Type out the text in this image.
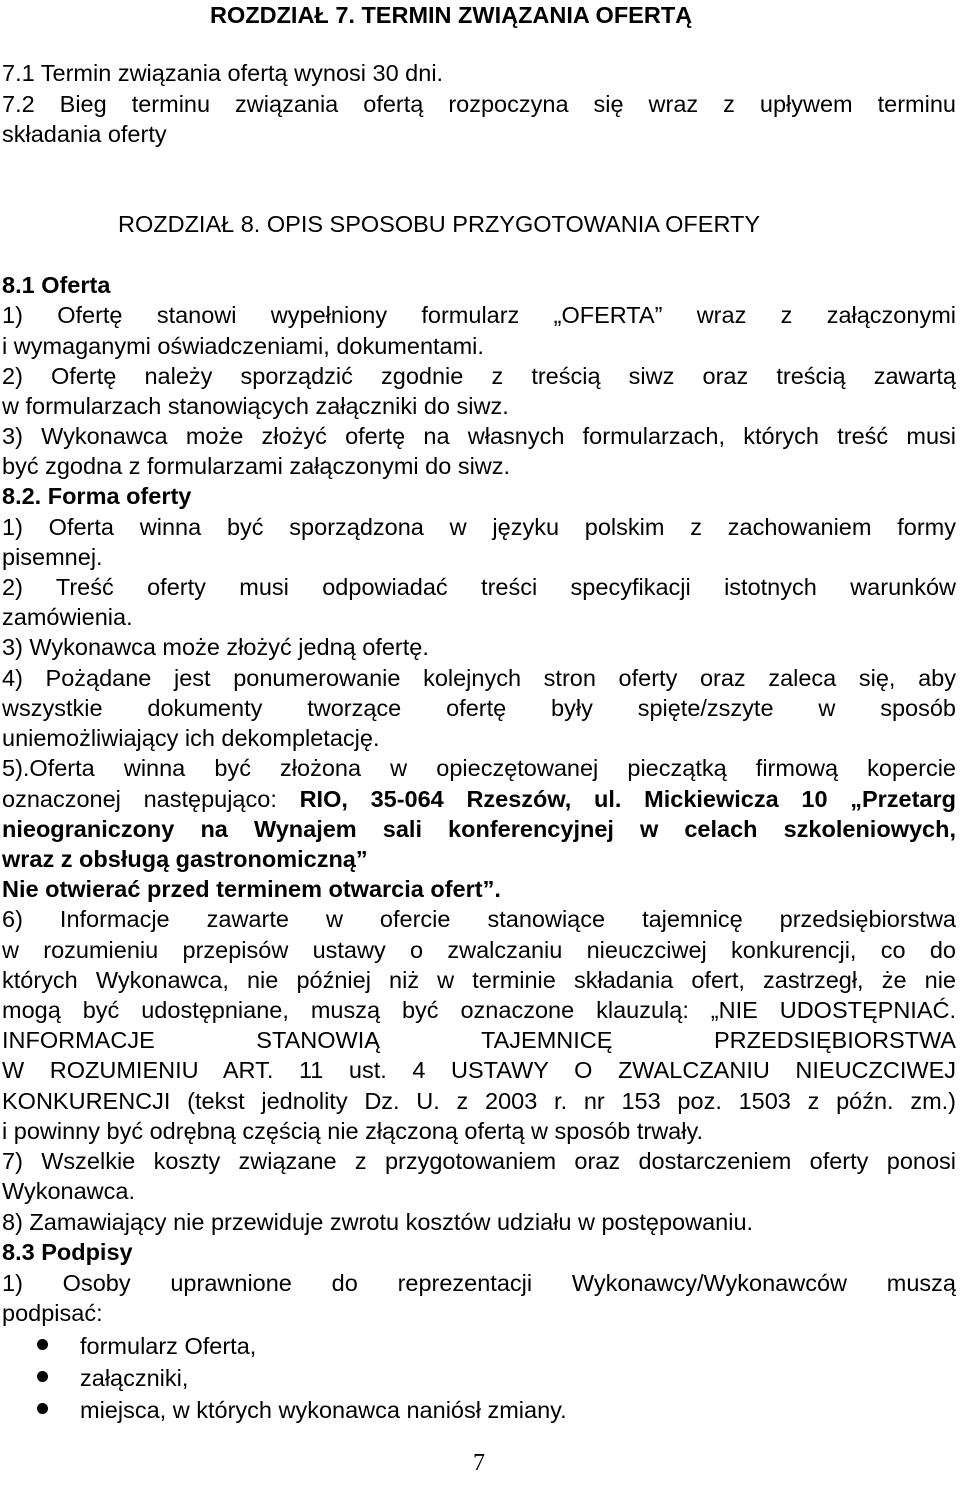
ROZDZIAŁ 7. TERMIN ZWIĄZANIA OFERTĄ
7.1 Termin związania ofertą wynosi 30 dni.
7.2 Bieg terminu związania ofertą rozpoczyna się wraz z upływem terminu
składania oferty
ROZDZIAŁ 8. OPIS SPOSOBU PRZYGOTOWANIA OFERTY
8.1 Oferta
1) Ofertę stanowi wypełniony formularz „OFERTA” wraz z załączonymi
i wymaganymi oświadczeniami, dokumentami.
2) Ofertę należy sporządzić zgodnie z treścią siwz oraz treścią zawartą
w formularzach stanowiących załączniki do siwz.
3) Wykonawca może złożyć ofertę na własnych formularzach, których treść musi
być zgodna z formularzami załączonymi do siwz.
8.2. Forma oferty
1) Oferta winna być sporządzona w języku polskim z zachowaniem formy
pisemnej.
2) Treść oferty musi odpowiadać treści specyfikacji istotnych warunków
zamówienia.
3) Wykonawca może złożyć jedną ofertę.
4) Pożądane jest ponumerowanie kolejnych stron oferty oraz zaleca się, aby
wszystkie dokumenty tworzące ofertę były spięte/zszyte w sposób
uniemożliwiający ich dekompletację.
5).Oferta winna być złożona w opieczętowanej pieczątką firmową kopercie
oznaczonej następująco: RIO, 35-064 Rzeszów, ul. Mickiewicza 10 „Przetarg
nieograniczony na Wynajem sali konferencyjnej w celach szkoleniowych,
wraz z obsługą gastronomiczną”
Nie otwierać przed terminem otwarcia ofert”.
6) Informacje zawarte w ofercie stanowiące tajemnicę przedsiębiorstwa
w rozumieniu przepisów ustawy o zwalczaniu nieuczciwej konkurencji, co do
których Wykonawca, nie później niż w terminie składania ofert, zastrzegł, że nie
mogą być udostępniane, muszą być oznaczone klauzulą: „NIE UDOSTĘPNIAĆ.
INFORMACJE STANOWIĄ TAJEMNICĘ PRZEDSIĘBIORSTWA
W ROZUMIENIU ART. 11 ust. 4 USTAWY O ZWALCZANIU NIEUCZCIWEJ
KONKURENCJI (tekst jednolity Dz. U. z 2003 r. nr 153 poz. 1503 z późn. zm.)
i powinny być odrębną częścią nie złączoną ofertą w sposób trwały.
7) Wszelkie koszty związane z przygotowaniem oraz dostarczeniem oferty ponosi
Wykonawca.
8) Zamawiający nie przewiduje zwrotu kosztów udziału w postępowaniu.
8.3 Podpisy
1) Osoby uprawnione do reprezentacji Wykonawcy/Wykonawców muszą
podpisać:
formularz Oferta,
załączniki,
miejsca, w których wykonawca naniósł zmiany.
7
